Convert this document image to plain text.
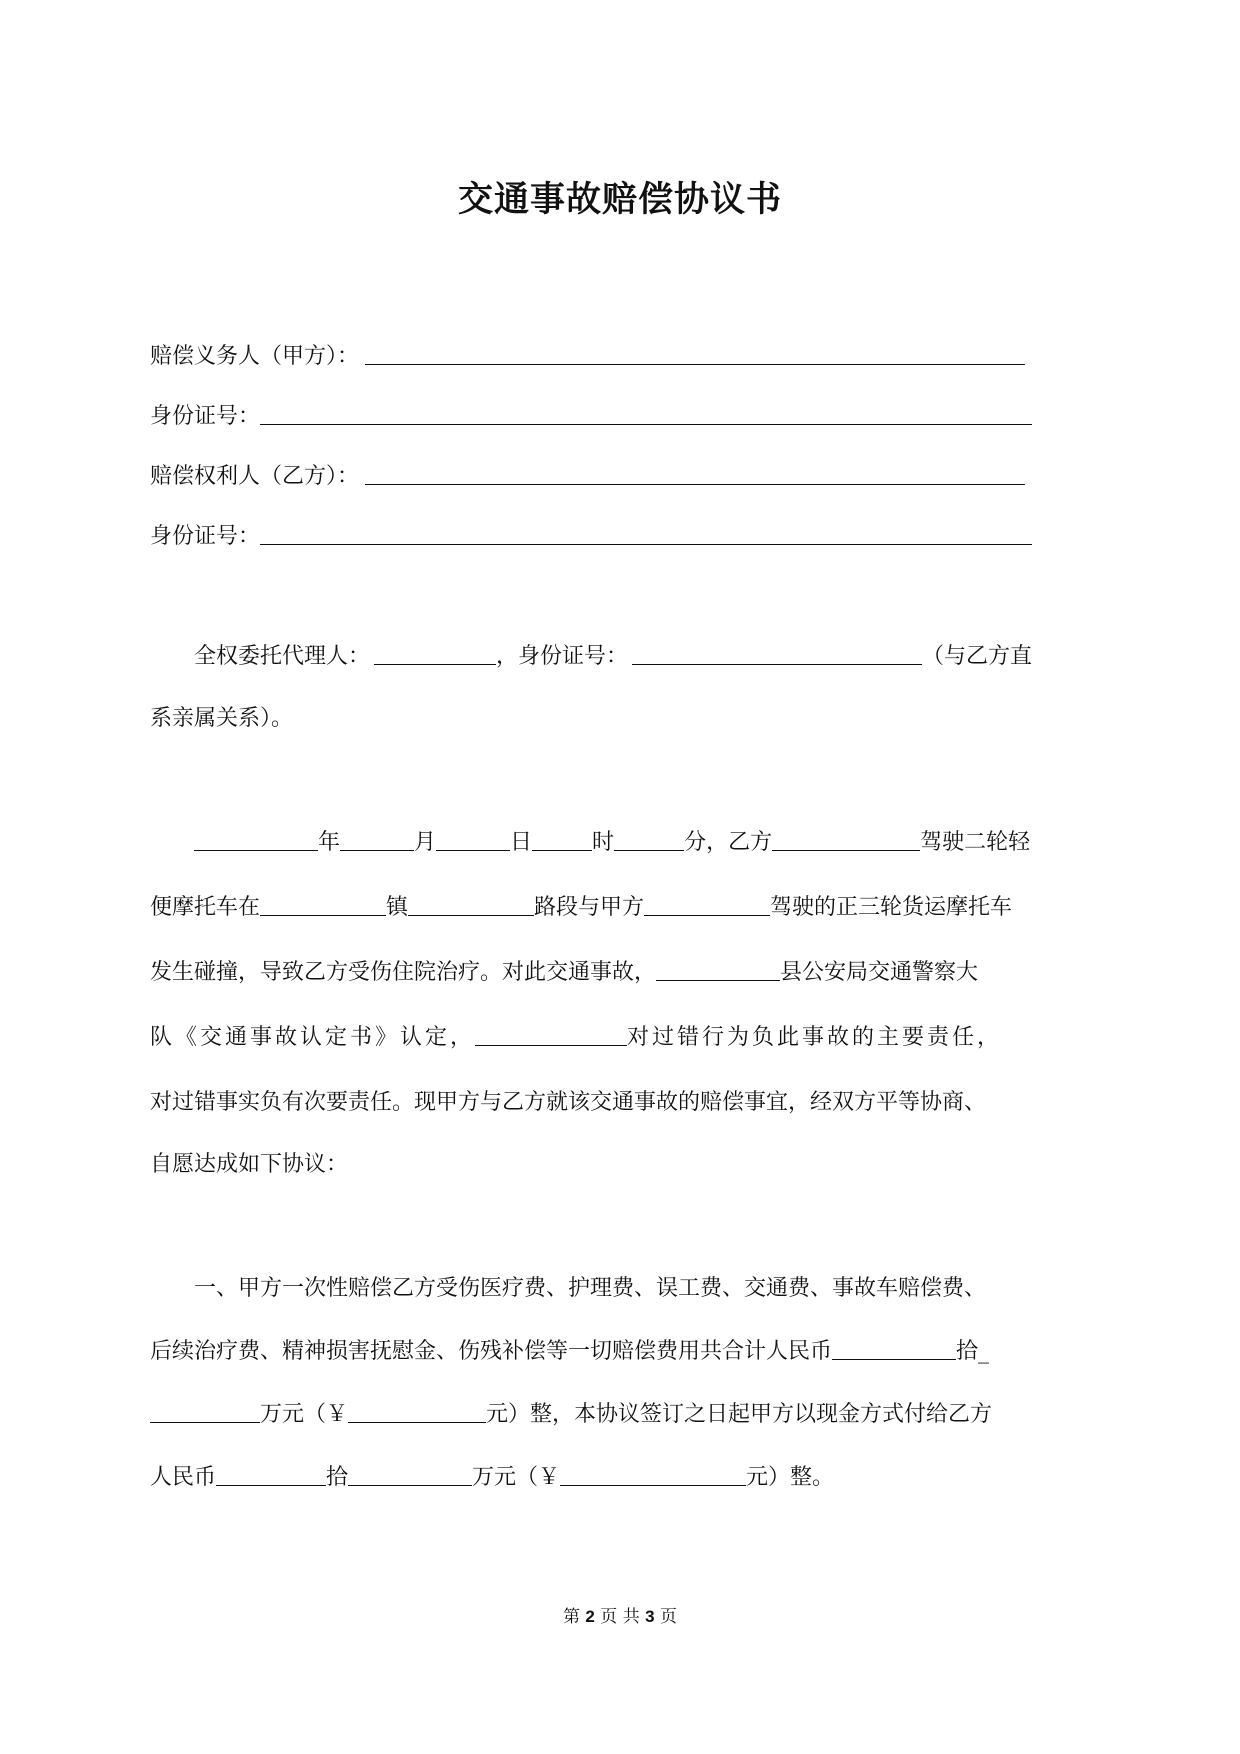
交通事故赔偿协议书
赔偿义务人（甲方）：
身份证号：
赔偿权利人（乙方）：
身份证号：
全权委托代理人：	，身份证号：	（与乙方直
系亲属关系）。
年	月	日	时	分，乙方	驾驶二轮轻
便摩托车在	镇	路段与甲方	驾驶的正三轮货运摩托车
发生碰撞，导致乙方受伤住院治疗。对此交通事故，	县公安局交通警察大
队《交通事故认定书》认定，	对过错行为负此事故的主要责任，
对过错事实负有次要责任。现甲方与乙方就该交通事故的赔偿事宜，经双方平等协商、
自愿达成如下协议：
一、甲方一次性赔偿乙方受伤医疗费、护理费、误工费、交通费、事故车赔偿费、
后续治疗费、精神损害抚慰金、伤残补偿等一切赔偿费用共合计人民币	拾_
万元（￥	元）整，本协议签订之日起甲方以现金方式付给乙方
人民币	拾	万元（￥	元）整。
第 2 页 共 3 页
